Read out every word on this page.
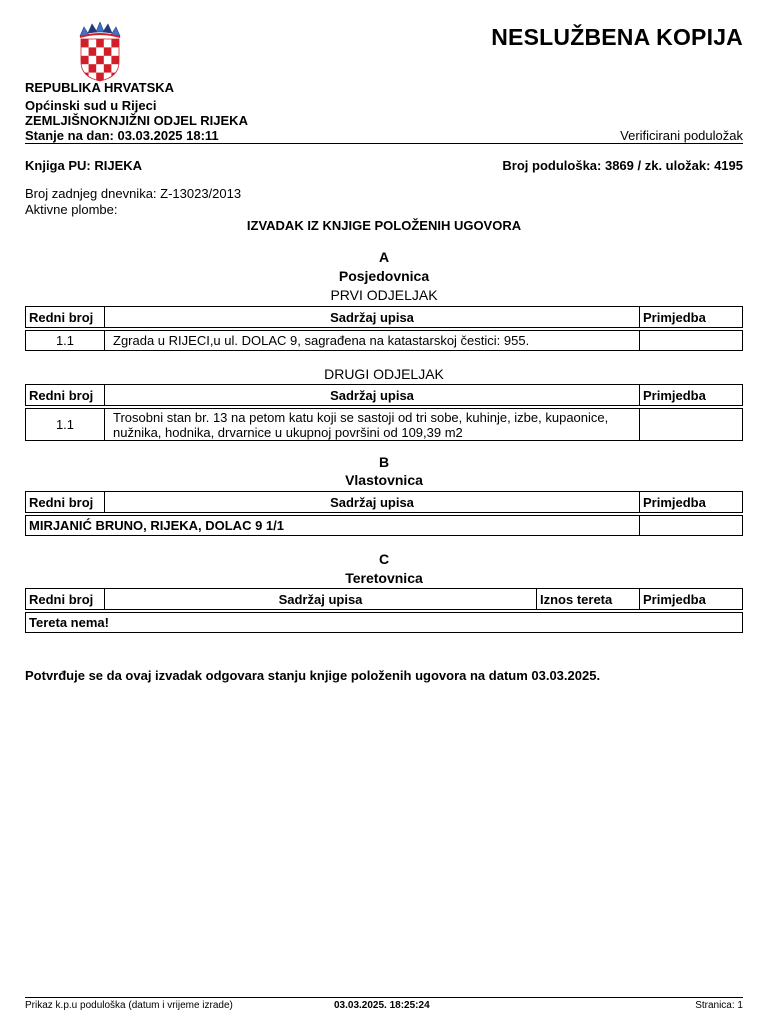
NESLUŽBENA KOPIJA
REPUBLIKA HRVATSKA
Općinski sud u Rijeci
ZEMLJIŠNOKNJIŽNI ODJEL RIJEKA
Stanje na dan: 03.03.2025 18:11	Verificirani poduložak
Knjiga PU: RIJEKA	Broj poduloška: 3869 / zk. uložak: 4195
Broj zadnjeg dnevnika: Z-13023/2013
Aktivne plombe:
IZVADAK IZ KNJIGE POLOŽENIH UGOVORA
A
Posjedovnica
PRVI ODJELJAK
Redni broj	Sadržaj upisa	Primjedba

1.1	Zgrada u RIJECI,u ul. DOLAC 9, sagrađena na katastarskoj čestici: 955.	
DRUGI ODJELJAK
Redni broj	Sadržaj upisa	Primjedba

1.1	Trosobni stan br. 13 na petom katu koji se sastoji od tri sobe, kuhinje, izbe, kupaonice,
nužnika, hodnika, drvarnice u ukupnoj površini od 109,39 m2	

B
Vlastovnica
Redni broj	Sadržaj upisa	Primjedba

MIRJANIĆ BRUNO, RIJEKA, DOLAC 9 1/1		
C
Teretovnica
Redni broj	Sadržaj upisa	Iznos tereta	Primjedba

Tereta nema!			
Potvrđuje se da ovaj izvadak odgovara stanju knjige položenih ugovora na datum 03.03.2025.
Prikaz k.p.u poduloška (datum i vrijeme izrade)	03.03.2025. 18:25:24	Stranica: 1
